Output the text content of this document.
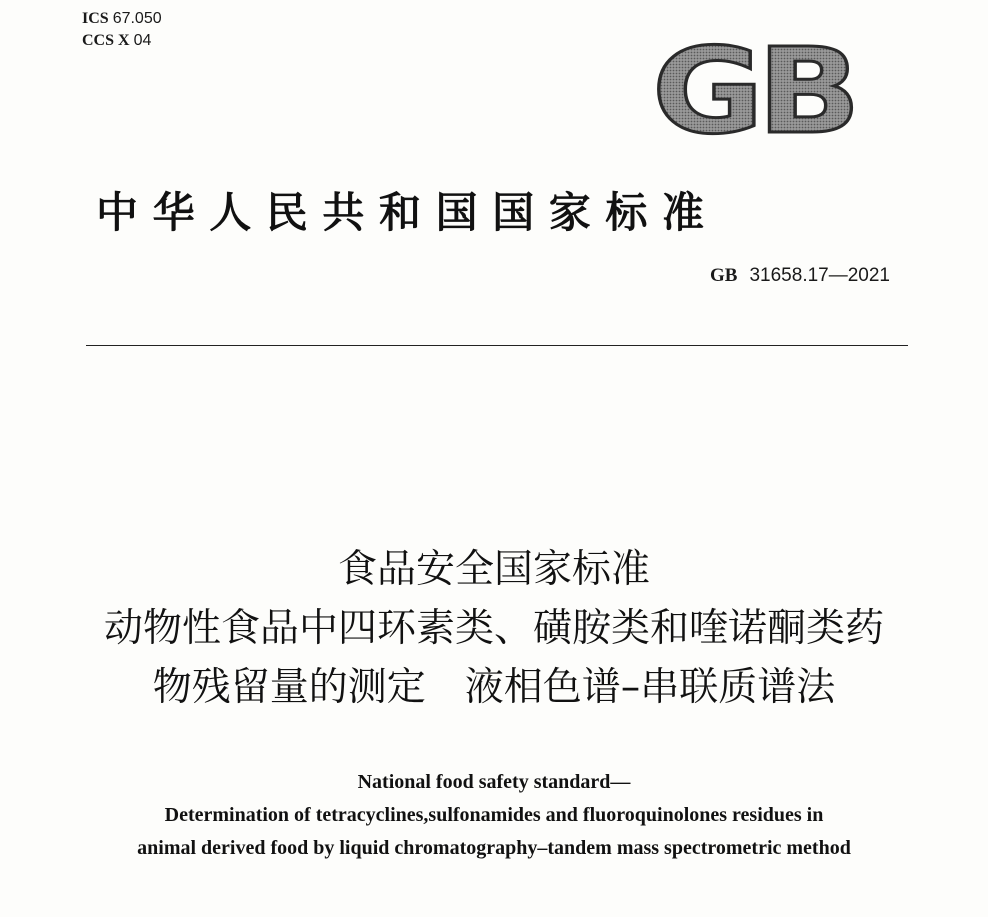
ICS 67.050
CCS X 04	GB
中华人民共和国国家标准
GB 31658.17—2021
食品安全国家标准
动物性食品中四环素类、磺胺类和喹诺酮类药
物残留量的测定　液相色谱–串联质谱法
National food safety standard—
Determination of tetracyclines,sulfonamides and fluoroquinolones residues in
animal derived food by liquid chromatography–tandem mass spectrometric method
